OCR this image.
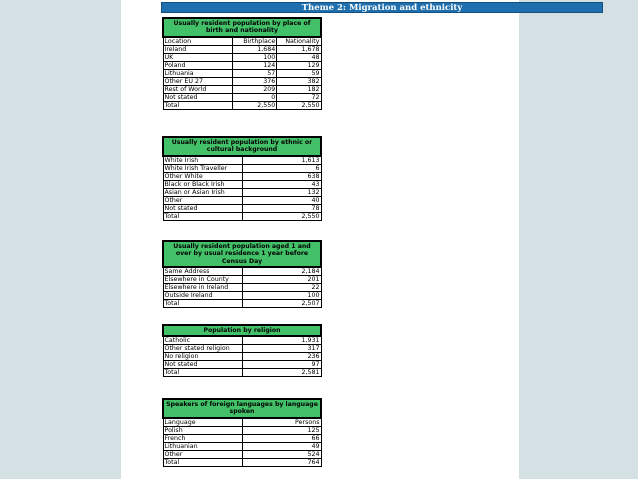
Theme 2: Migration and ethnicity
Usually resident population by place of birth and nationality		
Location	Birthplace	Nationality
Ireland	1,684	1,678
UK	100	48
Poland	124	129
Lithuania	57	59
Other EU 27	376	382
Rest of World	209	182
Not stated	0	72
Total	2,550	2,550
Usually resident population by ethnic or cultural background	
White Irish	1,613
White Irish Traveller	6
Other White	638
Black or Black Irish	43
Asian or Asian Irish	132
Other	40
Not stated	78
Total	2,550
Usually resident population aged 1 and over by usual residence 1 year before Census Day	
Same Address	2,184
Elsewhere in County	201
Elsewhere in Ireland	22
Outside Ireland	100
Total	2,507
Population by religion	
Catholic	1,931
Other stated religion	317
No religion	236
Not stated	97
Total	2,581
Speakers of foreign languages by language spoken	
Language	Persons
Polish	125
French	66
Lithuanian	49
Other	524
Total	764
